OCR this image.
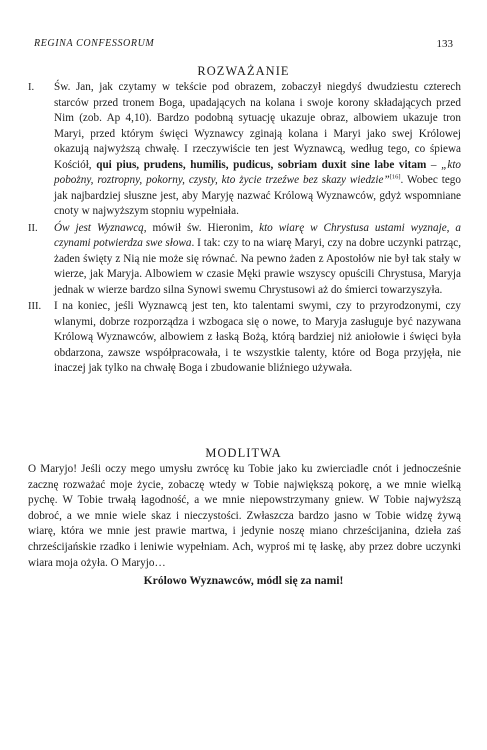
REGINA CONFESSORUM	133
ROZWAŻANIE
I. Św. Jan, jak czytamy w tekście pod obrazem, zobaczył niegdyś dwudziestu czterech starców przed tronem Boga, upadających na kolana i swoje korony składających przed Nim (zob. Ap 4,10). Bardzo podobną sytuację ukazuje obraz, albowiem ukazuje tron Maryi, przed którym święci Wyznawcy zginają kolana i Maryi jako swej Królowej okazują najwyższą chwałę. I rzeczywiście ten jest Wyznawcą, według tego, co śpiewa Kościół, qui pius, prudens, humilis, pudicus, sobriam duxit sine labe vitam – „kto pobożny, roztropny, pokorny, czysty, kto życie trzeźwe bez skazy wiedzie”[16]. Wobec tego jak najbardziej słuszne jest, aby Maryję nazwać Królową Wyznawców, gdyż wspomniane cnoty w najwyższym stopniu wypełniała.
II. Ów jest Wyznawcą, mówił św. Hieronim, kto wiarę w Chrystusa ustami wyznaje, a czynami potwierdza swe słowa. I tak: czy to na wiarę Maryi, czy na dobre uczynki patrząc, żaden święty z Nią nie może się równać. Na pewno żaden z Apostołów nie był tak stały w wierze, jak Maryja. Albowiem w czasie Męki prawie wszyscy opuścili Chrystusa, Maryja jednak w wierze bardzo silna Synowi swemu Chrystusowi aż do śmierci towarzyszyła.
III. I na koniec, jeśli Wyznawcą jest ten, kto talentami swymi, czy to przyrodzonymi, czy wlanymi, dobrze rozporządza i wzbogaca się o nowe, to Maryja zasługuje być nazywana Królową Wyznawców, albowiem z łaską Bożą, którą bardziej niż aniołowie i święci była obdarzona, zawsze współpracowała, i te wszystkie talenty, które od Boga przyjęła, nie inaczej jak tylko na chwałę Boga i zbudowanie bliźniego używała.
MODLITWA

O Maryjo! Jeśli oczy mego umysłu zwrócę ku Tobie jako ku zwierciadle cnót i jednocześnie zacznę rozważać moje życie, zobaczę wtedy w Tobie największą pokorę, a we mnie wielką pychę. W Tobie trwałą łagodność, a we mnie niepowstrzymany gniew. W Tobie najwyższą dobroć, a we mnie wiele skaz i nieczystości. Zwłaszcza bardzo jasno w Tobie widzę żywą wiarę, która we mnie jest prawie martwa, i jedynie noszę miano chrześcijanina, dzieła zaś chrześcijańskie rzadko i leniwie wypełniam. Ach, wyproś mi tę łaskę, aby przez dobre uczynki wiara moja ożyła. O Maryjo…

Królowo Wyznawców, módl się za nami!
